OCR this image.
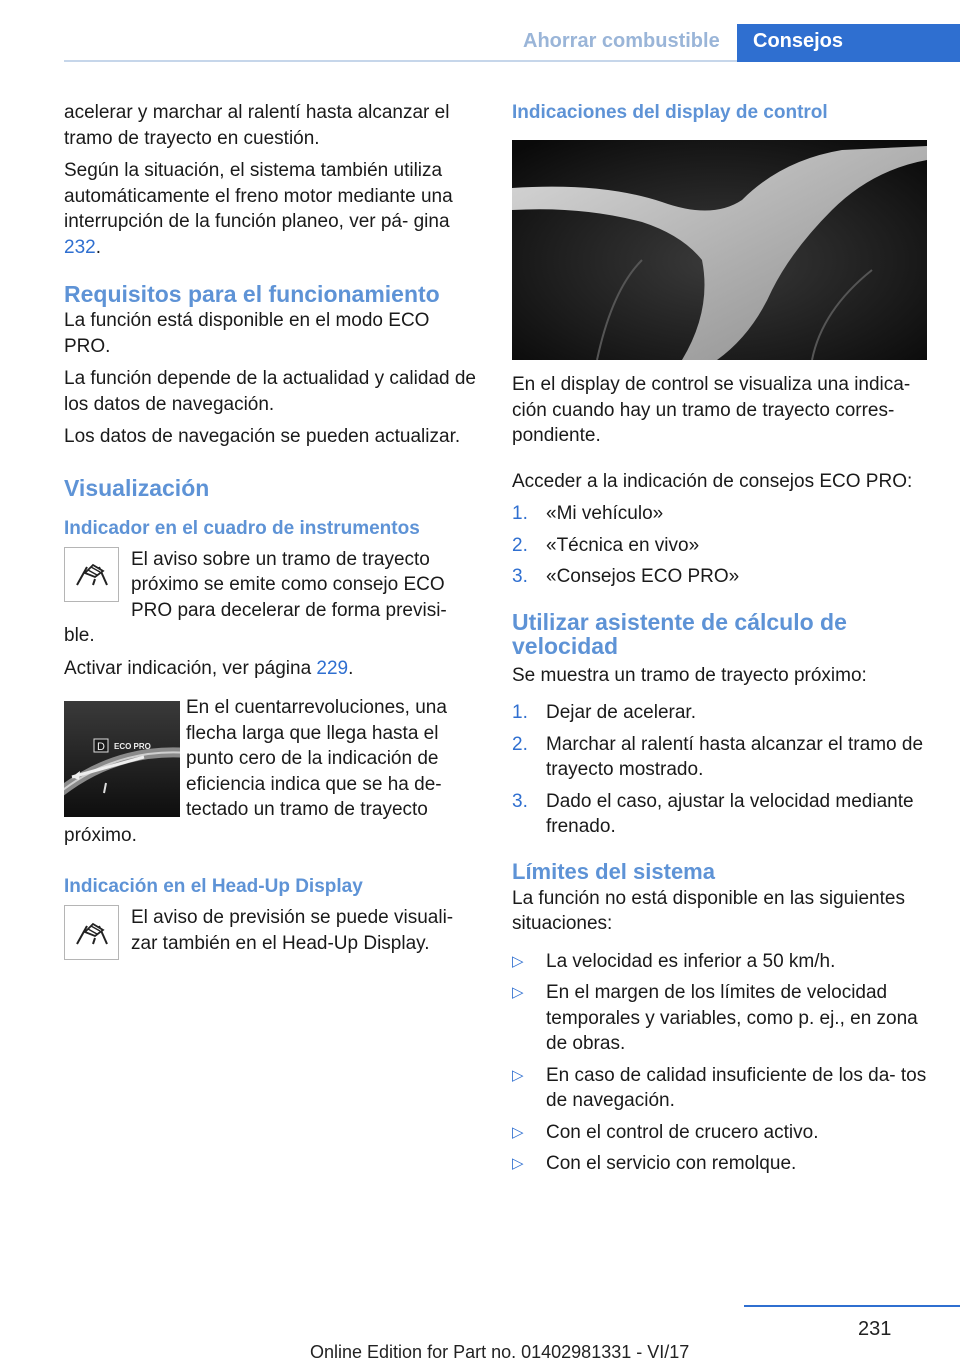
Ahorrar combustible	Consejos

acelerar y marchar al ralentí hasta alcanzar el tramo de trayecto en cuestión.

Según la situación, el sistema también utiliza automáticamente el freno motor mediante una interrupción de la función planeo, ver pá‐ gina 232.

Requisitos para el funcionamiento

La función está disponible en el modo ECO PRO.

La función depende de la actualidad y calidad de los datos de navegación.

Los datos de navegación se pueden actualizar.

Visualización
Indicador en el cuadro de instrumentos

El aviso sobre un tramo de trayecto próximo se emite como consejo ECO PRO para decelerar de forma previsi‐ ble.

Activar indicación, ver página 229.

D ECO PRO

En el cuentarrevoluciones, una flecha larga que llega hasta el punto cero de la indicación de eficiencia indica que se ha de‐ tectado un tramo de trayecto próximo.

Indicación en el Head-Up Display

El aviso de previsión se puede visuali‐ zar también en el Head-Up Display.

Indicaciones del display de control

En el display de control se visualiza una indica‐ ción cuando hay un tramo de trayecto corres‐ pondiente.

Acceder a la indicación de consejos ECO PRO:

1. «Mi vehículo»
2. «Técnica en vivo»
3. «Consejos ECO PRO»
Utilizar asistente de cálculo de velocidad

Se muestra un tramo de trayecto próximo:

1. Dejar de acelerar.
2. Marchar al ralentí hasta alcanzar el tramo de trayecto mostrado.
3. Dado el caso, ajustar la velocidad mediante frenado.
Límites del sistema

La función no está disponible en las siguientes situaciones:

▷ La velocidad es inferior a 50 km/h.
▷ En el margen de los límites de velocidad temporales y variables, como p. ej., en zona de obras.
▷ En caso de calidad insuficiente de los da‐ tos de navegación.
▷ Con el control de crucero activo.
▷ Con el servicio con remolque.
231
Online Edition for Part no. 01402981331 - VI/17
